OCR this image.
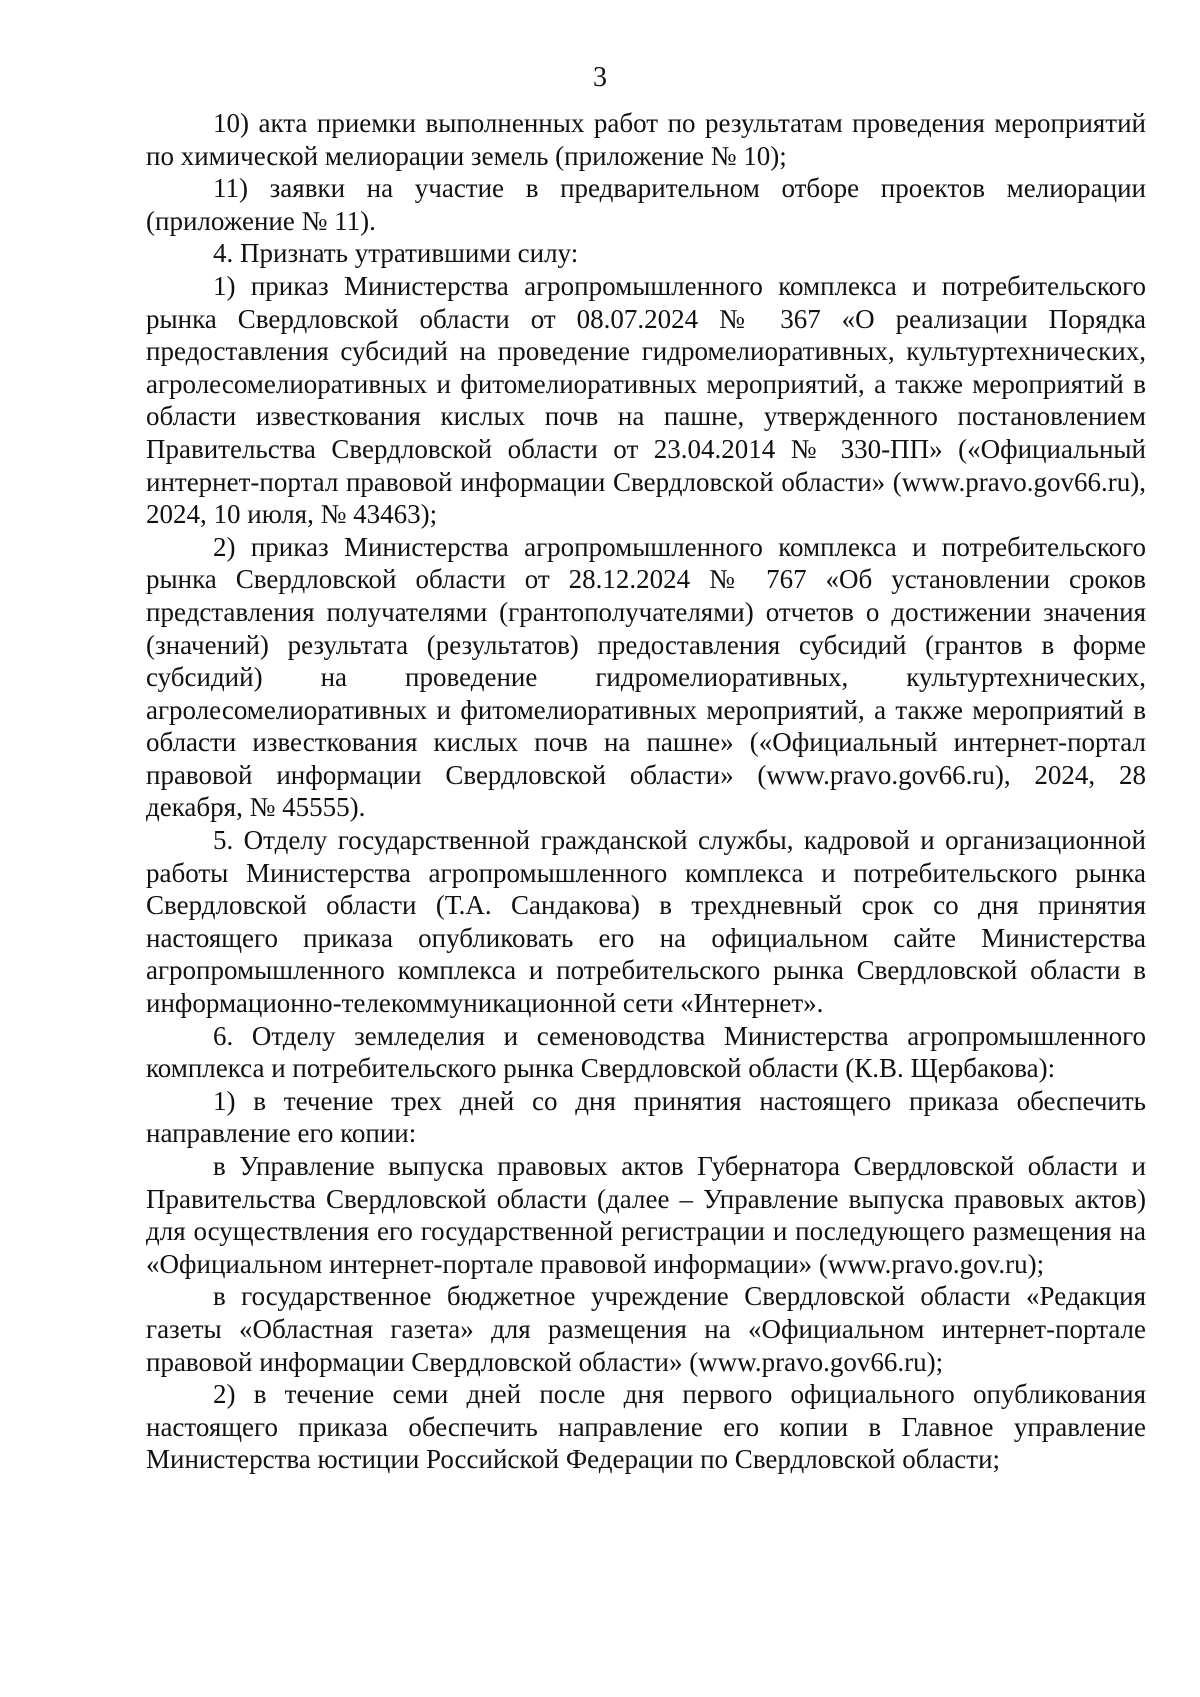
3

10) акта приемки выполненных работ по результатам проведения мероприятий по химической мелиорации земель (приложение № 10);

11) заявки на участие в предварительном отборе проектов мелиорации (приложение № 11).

4. Признать утратившими силу:

1) приказ Министерства агропромышленного комплекса и потребительского рынка Свердловской области от 08.07.2024 № 367 «О реализации Порядка предоставления субсидий на проведение гидромелиоративных, культуртехнических, агролесомелиоративных и фитомелиоративных мероприятий, а также мероприятий в области известкования кислых почв на пашне, утвержденного постановлением Правительства Свердловской области от 23.04.2014 № 330-ПП» («Официальный интернет-портал правовой информации Свердловской области» (www.pravo.gov66.ru), 2024, 10 июля, № 43463);

2) приказ Министерства агропромышленного комплекса и потребительского рынка Свердловской области от 28.12.2024 № 767 «Об установлении сроков представления получателями (грантополучателями) отчетов о достижении значения (значений) результата (результатов) предоставления субсидий (грантов в форме субсидий) на проведение гидромелиоративных, культуртехнических, агролесомелиоративных и фитомелиоративных мероприятий, а также мероприятий в области известкования кислых почв на пашне» («Официальный интернет-портал правовой информации Свердловской области» (www.pravo.gov66.ru), 2024, 28 декабря, № 45555).

5. Отделу государственной гражданской службы, кадровой и организационной работы Министерства агропромышленного комплекса и потребительского рынка Свердловской области (Т.А. Сандакова) в трехдневный срок со дня принятия настоящего приказа опубликовать его на официальном сайте Министерства агропромышленного комплекса и потребительского рынка Свердловской области в информационно-телекоммуникационной сети «Интернет».

6. Отделу земледелия и семеноводства Министерства агропромышленного комплекса и потребительского рынка Свердловской области (К.В. Щербакова):

1) в течение трех дней со дня принятия настоящего приказа обеспечить направление его копии:

в Управление выпуска правовых актов Губернатора Свердловской области и Правительства Свердловской области (далее – Управление выпуска правовых актов) для осуществления его государственной регистрации и последующего размещения на «Официальном интернет-портале правовой информации» (www.pravo.gov.ru);

в государственное бюджетное учреждение Свердловской области «Редакция газеты «Областная газета» для размещения на «Официальном интернет-портале правовой информации Свердловской области» (www.pravo.gov66.ru);

2) в течение семи дней после дня первого официального опубликования настоящего приказа обеспечить направление его копии в Главное управление Министерства юстиции Российской Федерации по Свердловской области;
